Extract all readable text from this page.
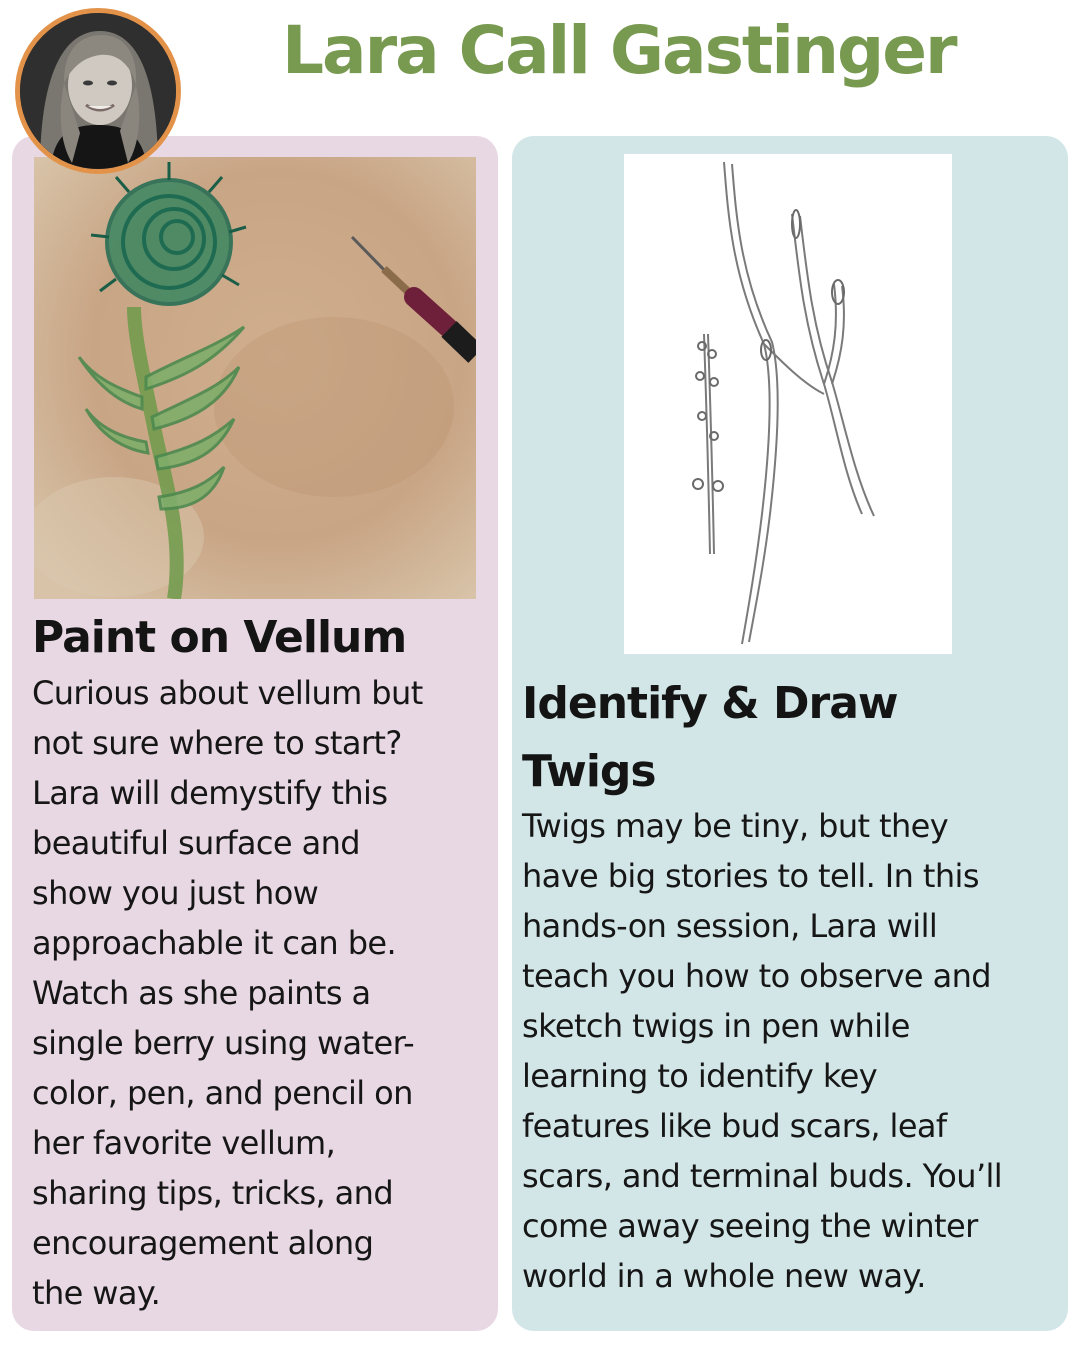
Lara Call Gastinger
Paint on Vellum

Curious about vellum but
not sure where to start?
Lara will demystify this
beautiful surface and
show you just how
approachable it can be.
Watch as she paints a
single berry using water-
color, pen, and pencil on
her favorite vellum,
sharing tips, tricks, and
encouragement along
the way.

Identify & Draw
Twigs

Twigs may be tiny, but they
have big stories to tell. In this
hands-on session, Lara will
teach you how to observe and
sketch twigs in pen while
learning to identify key
features like bud scars, leaf
scars, and terminal buds. You’ll
come away seeing the winter
world in a whole new way.
